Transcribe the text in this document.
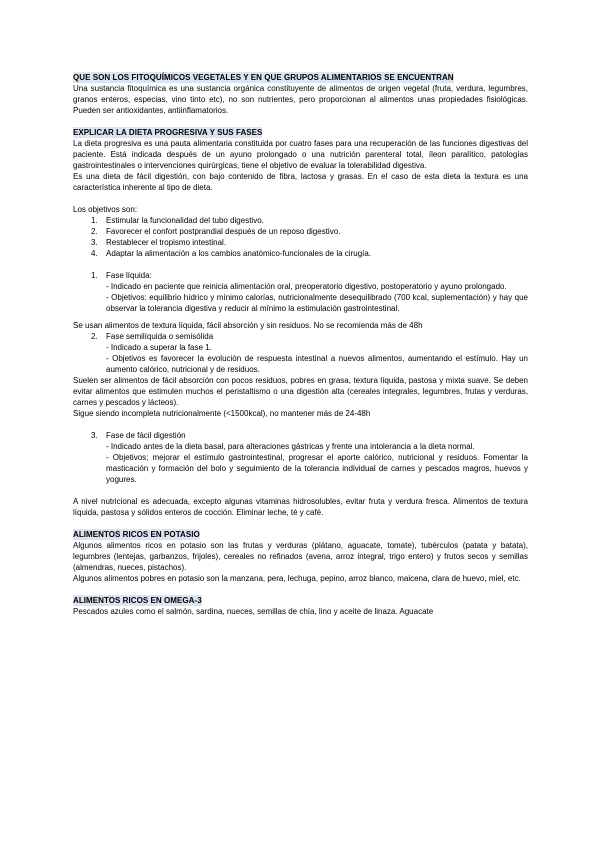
QUE SON LOS FITOQUÍMICOS VEGETALES Y EN QUE GRUPOS ALIMENTARIOS SE ENCUENTRAN

Una sustancia fitoquímica es una sustancia orgánica constituyente de alimentos de origen vegetal (fruta, verdura, legumbres, granos enteros, especias, vino tinto etc), no son nutrientes, pero proporcionan al alimentos unas propiedades fisiológicas. Pueden ser antioxidantes, antiinflamatorios.

EXPLICAR LA DIETA PROGRESIVA Y SUS FASES

La dieta progresiva es una pauta alimentaria constituida por cuatro fases para una recuperación de las funciones digestivas del paciente. Está indicada después de un ayuno prolongado o una nutrición parenteral total, íleon paralítico, patologías gastrointestinales o intervenciones quirúrgicas, tiene el objetivo de evaluar la tolerabilidad digestiva.

Es una dieta de fácil digestión, con bajo contenido de fibra, lactosa y grasas. En el caso de esta dieta la textura es una característica inherente al tipo de dieta.

Los objetivos son:

1. Estimular la funcionalidad del tubo digestivo.
2. Favorecer el confort postprandial después de un reposo digestivo.
3. Restablecer el tropismo intestinal.
4. Adaptar la alimentación a los cambios anatómico-funcionales de la cirugía.
1. Fase líquida:

- Indicado en paciente que reinicia alimentación oral, preoperatorio digestivo, postoperatorio y ayuno prolongado.

- Objetivos: equilibrio hídrico y mínimo calorías, nutricionalmente desequilibrado (700 kcal, suplementación) y hay que observar la tolerancia digestiva y reducir al mínimo la estimulación gastrointestinal.

Se usan alimentos de textura líquida, fácil absorción y sin residuos. No se recomienda más de 48h

2. Fase semilíquida o semisólida

- Indicado a superar la fase 1.

- Objetivos es favorecer la evolución de respuesta intestinal a nuevos alimentos, aumentando el estímulo. Hay un aumento calórico, nutricional y de residuos.

Suelen ser alimentos de fácil absorción con pocos residuos, pobres en grasa, textura líquida, pastosa y mixta suave. Se deben evitar alimentos que estimulen muchos el peristaltismo o una digestión alta (cereales integrales, legumbres, frutas y verduras, carnes y pescados y lácteos).

Sigue siendo incompleta nutricionalmente (<1500kcal), no mantener más de 24-48h

3. Fase de fácil digestión

- Indicado antes de la dieta basal, para alteraciones gástricas y frente una intolerancia a la dieta normal.

- Objetivos; mejorar el estímulo gastrointestinal, progresar el aporte calórico, nutricional y residuos. Fomentar la masticación y formación del bolo y seguimiento de la tolerancia individual de carnes y pescados magros, huevos y yogures.

A nivel nutricional es adecuada, excepto algunas vitaminas hidrosolubles, evitar fruta y verdura fresca. Alimentos de textura líquida, pastosa y sólidos enteros de cocción. Eliminar leche, té y café.

ALIMENTOS RICOS EN POTASIO

Algunos alimentos ricos en potasio son las frutas y verduras (plátano, aguacate, tomate), tubérculos (patata y batata), legumbres (lentejas, garbanzos, frijoles), cereales no refinados (avena, arroz integral, trigo entero) y frutos secos y semillas (almendras, nueces, pistachos).

Algunos alimentos pobres en potasio son la manzana, pera, lechuga, pepino, arroz blanco, maicena, clara de huevo, miel, etc.

ALIMENTOS RICOS EN OMEGA-3

Pescados azules como el salmón, sardina, nueces, semillas de chía, lino y aceite de linaza. Aguacate
